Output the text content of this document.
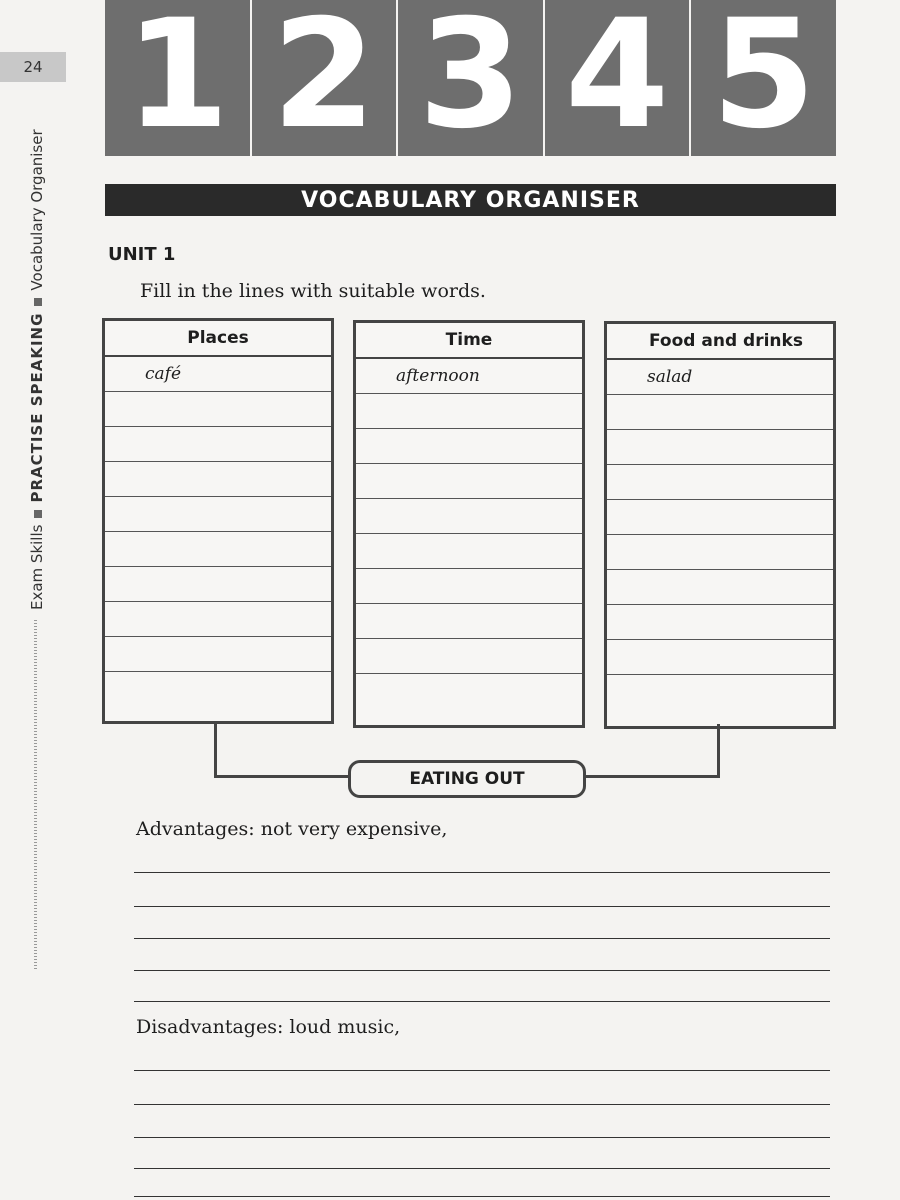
1 2 3 4 5
24
Exam SkillsPRACTISE SPEAKINGVocabulary Organiser	VOCABULARY ORGANISER
UNIT 1
Fill in the lines with suitable words.
Places
café
Time
afternoon
Food and drinks
salad
EATING OUT
Advantages: not very expensive,
Disadvantages: loud music,
